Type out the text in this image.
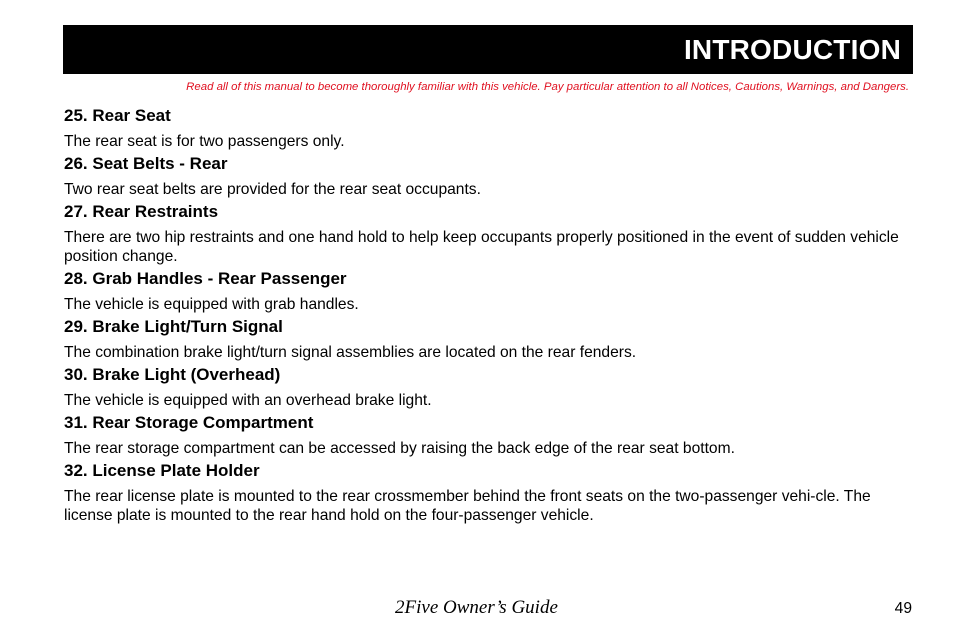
INTRODUCTION
Read all of this manual to become thoroughly familiar with this vehicle. Pay particular attention to all Notices, Cautions, Warnings, and Dangers.
25. Rear Seat
The rear seat is for two passengers only.
26. Seat Belts - Rear
Two rear seat belts are provided for the rear seat occupants.
27. Rear Restraints
There are two hip restraints and one hand hold to help keep occupants properly positioned in the event of sudden vehicle position change.
28. Grab Handles - Rear Passenger
The vehicle is equipped with grab handles.
29. Brake Light/Turn Signal
The combination brake light/turn signal assemblies are located on the rear fenders.
30. Brake Light (Overhead)
The vehicle is equipped with an overhead brake light.
31. Rear Storage Compartment
The rear storage compartment can be accessed by raising the back edge of the rear seat bottom.
32. License Plate Holder
The rear license plate is mounted to the rear crossmember behind the front seats on the two-passenger vehi-cle. The license plate is mounted to the rear hand hold on the four-passenger vehicle.
2Five Owner’s Guide	49
